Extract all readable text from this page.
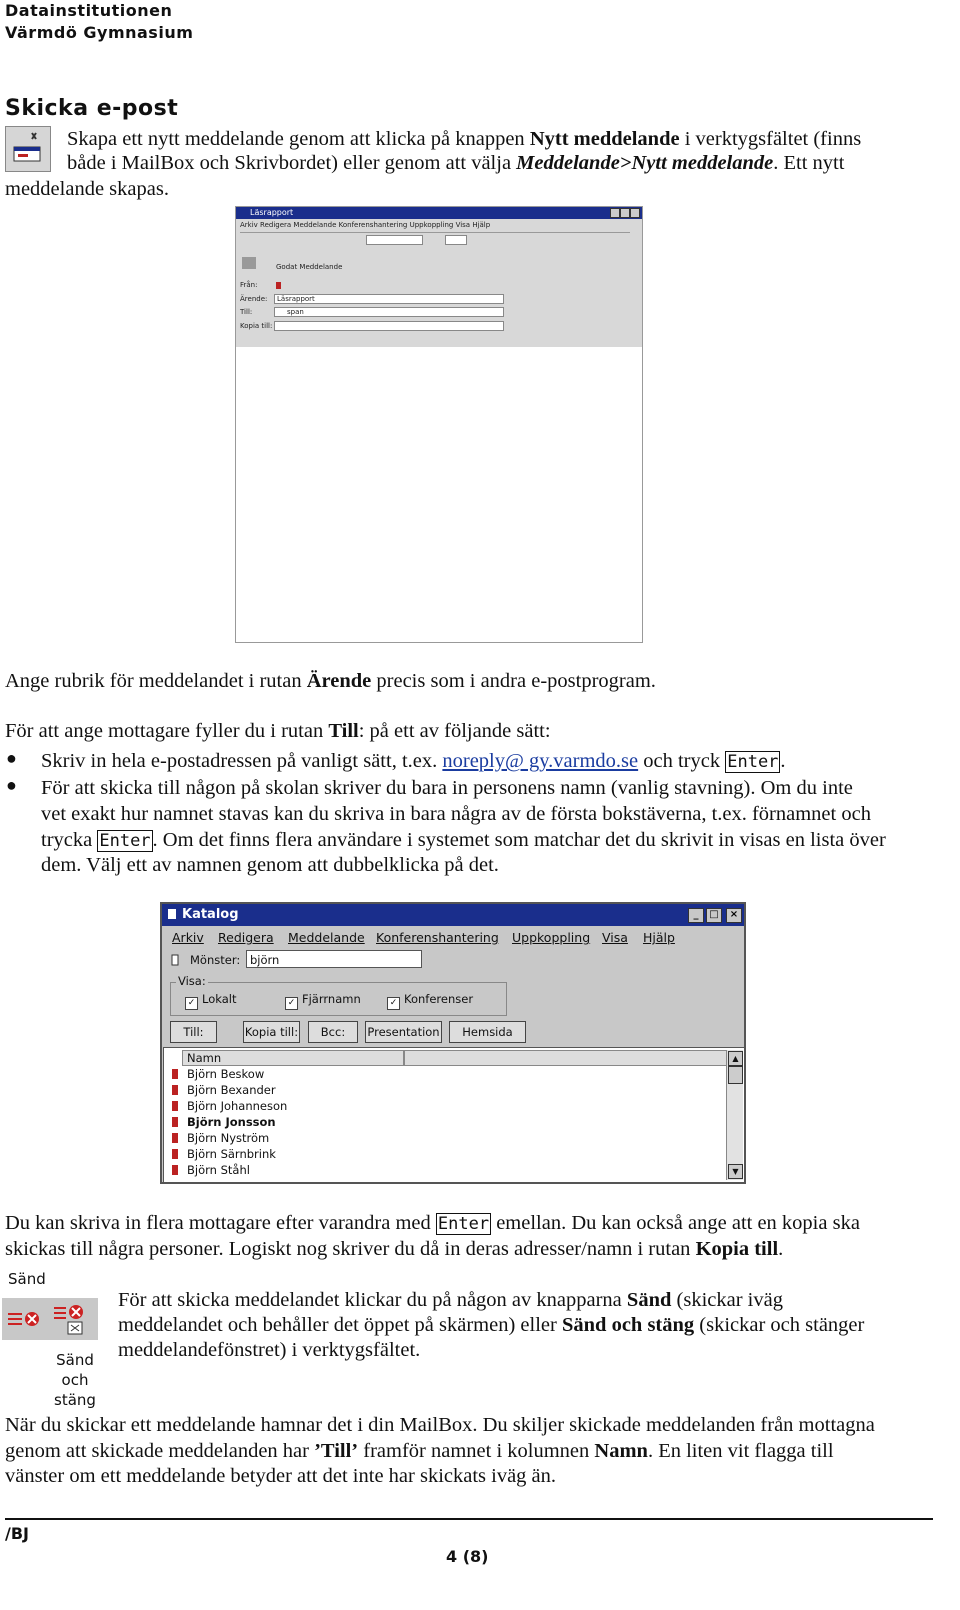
Datainstitutionen
Värmdö Gymnasium
Skicka e-post
Skapa ett nytt meddelande genom att klicka på knappen Nytt meddelande i verktygsfältet (finns
både i MailBox och Skrivbordet) eller genom att välja Meddelande>Nytt meddelande. Ett nytt
meddelande skapas.
Läsrapport
Arkiv Redigera Meddelande Konferenshantering Uppkoppling Visa Hjälp
Godat Meddelande
Från:
Ärende: Läsrapport
Till:	span
Kopia till:
Ange rubrik för meddelandet i rutan Ärende precis som i andra e-postprogram.
För att ange mottagare fyller du i rutan Till: på ett av följande sätt:
● Skriv in hela e-postadressen på vanligt sätt, t.ex. noreply@ gy.varmdo.se och tryck Enter.
● För att skicka till någon på skolan skriver du bara in personens namn (vanlig stavning). Om du inte
vet exakt hur namnet stavas kan du skriva in bara några av de första bokstäverna, t.ex. förnamnet och
trycka Enter. Om det finns flera användare i systemet som matchar det du skrivit in visas en lista över
dem. Välj ett av namnen genom att dubbelklicka på det.
Katalog	_	□	×
Arkiv Redigera Meddelande Konferenshantering Uppkoppling Visa Hjälp
Mönster: björn
Visa:
✓ Lokalt	✓ Fjärrnamn	✓ Konferenser
Till:	Kopia till:	Bcc:	Presentation	Hemsida
Namn
Björn Beskow
Björn Bexander
Björn Johanneson
Björn Jonsson
Björn Nyström
Björn Särnbrink
Björn Ståhl
▲
▼
Du kan skriva in flera mottagare efter varandra med Enter emellan. Du kan också ange att en kopia ska
skickas till några personer. Logiskt nog skriver du då in deras adresser/namn i rutan Kopia till.
Sänd
Sänd och stäng
För att skicka meddelandet klickar du på någon av knapparna Sänd (skickar iväg
meddelandet och behåller det öppet på skärmen) eller Sänd och stäng (skickar och stänger
meddelandefönstret) i verktygsfältet.
När du skickar ett meddelande hamnar det i din MailBox. Du skiljer skickade meddelanden från mottagna
genom att skickade meddelanden har ’Till’ framför namnet i kolumnen Namn. En liten vit flagga till
vänster om ett meddelande betyder att det inte har skickats iväg än.
/BJ
4 (8)
